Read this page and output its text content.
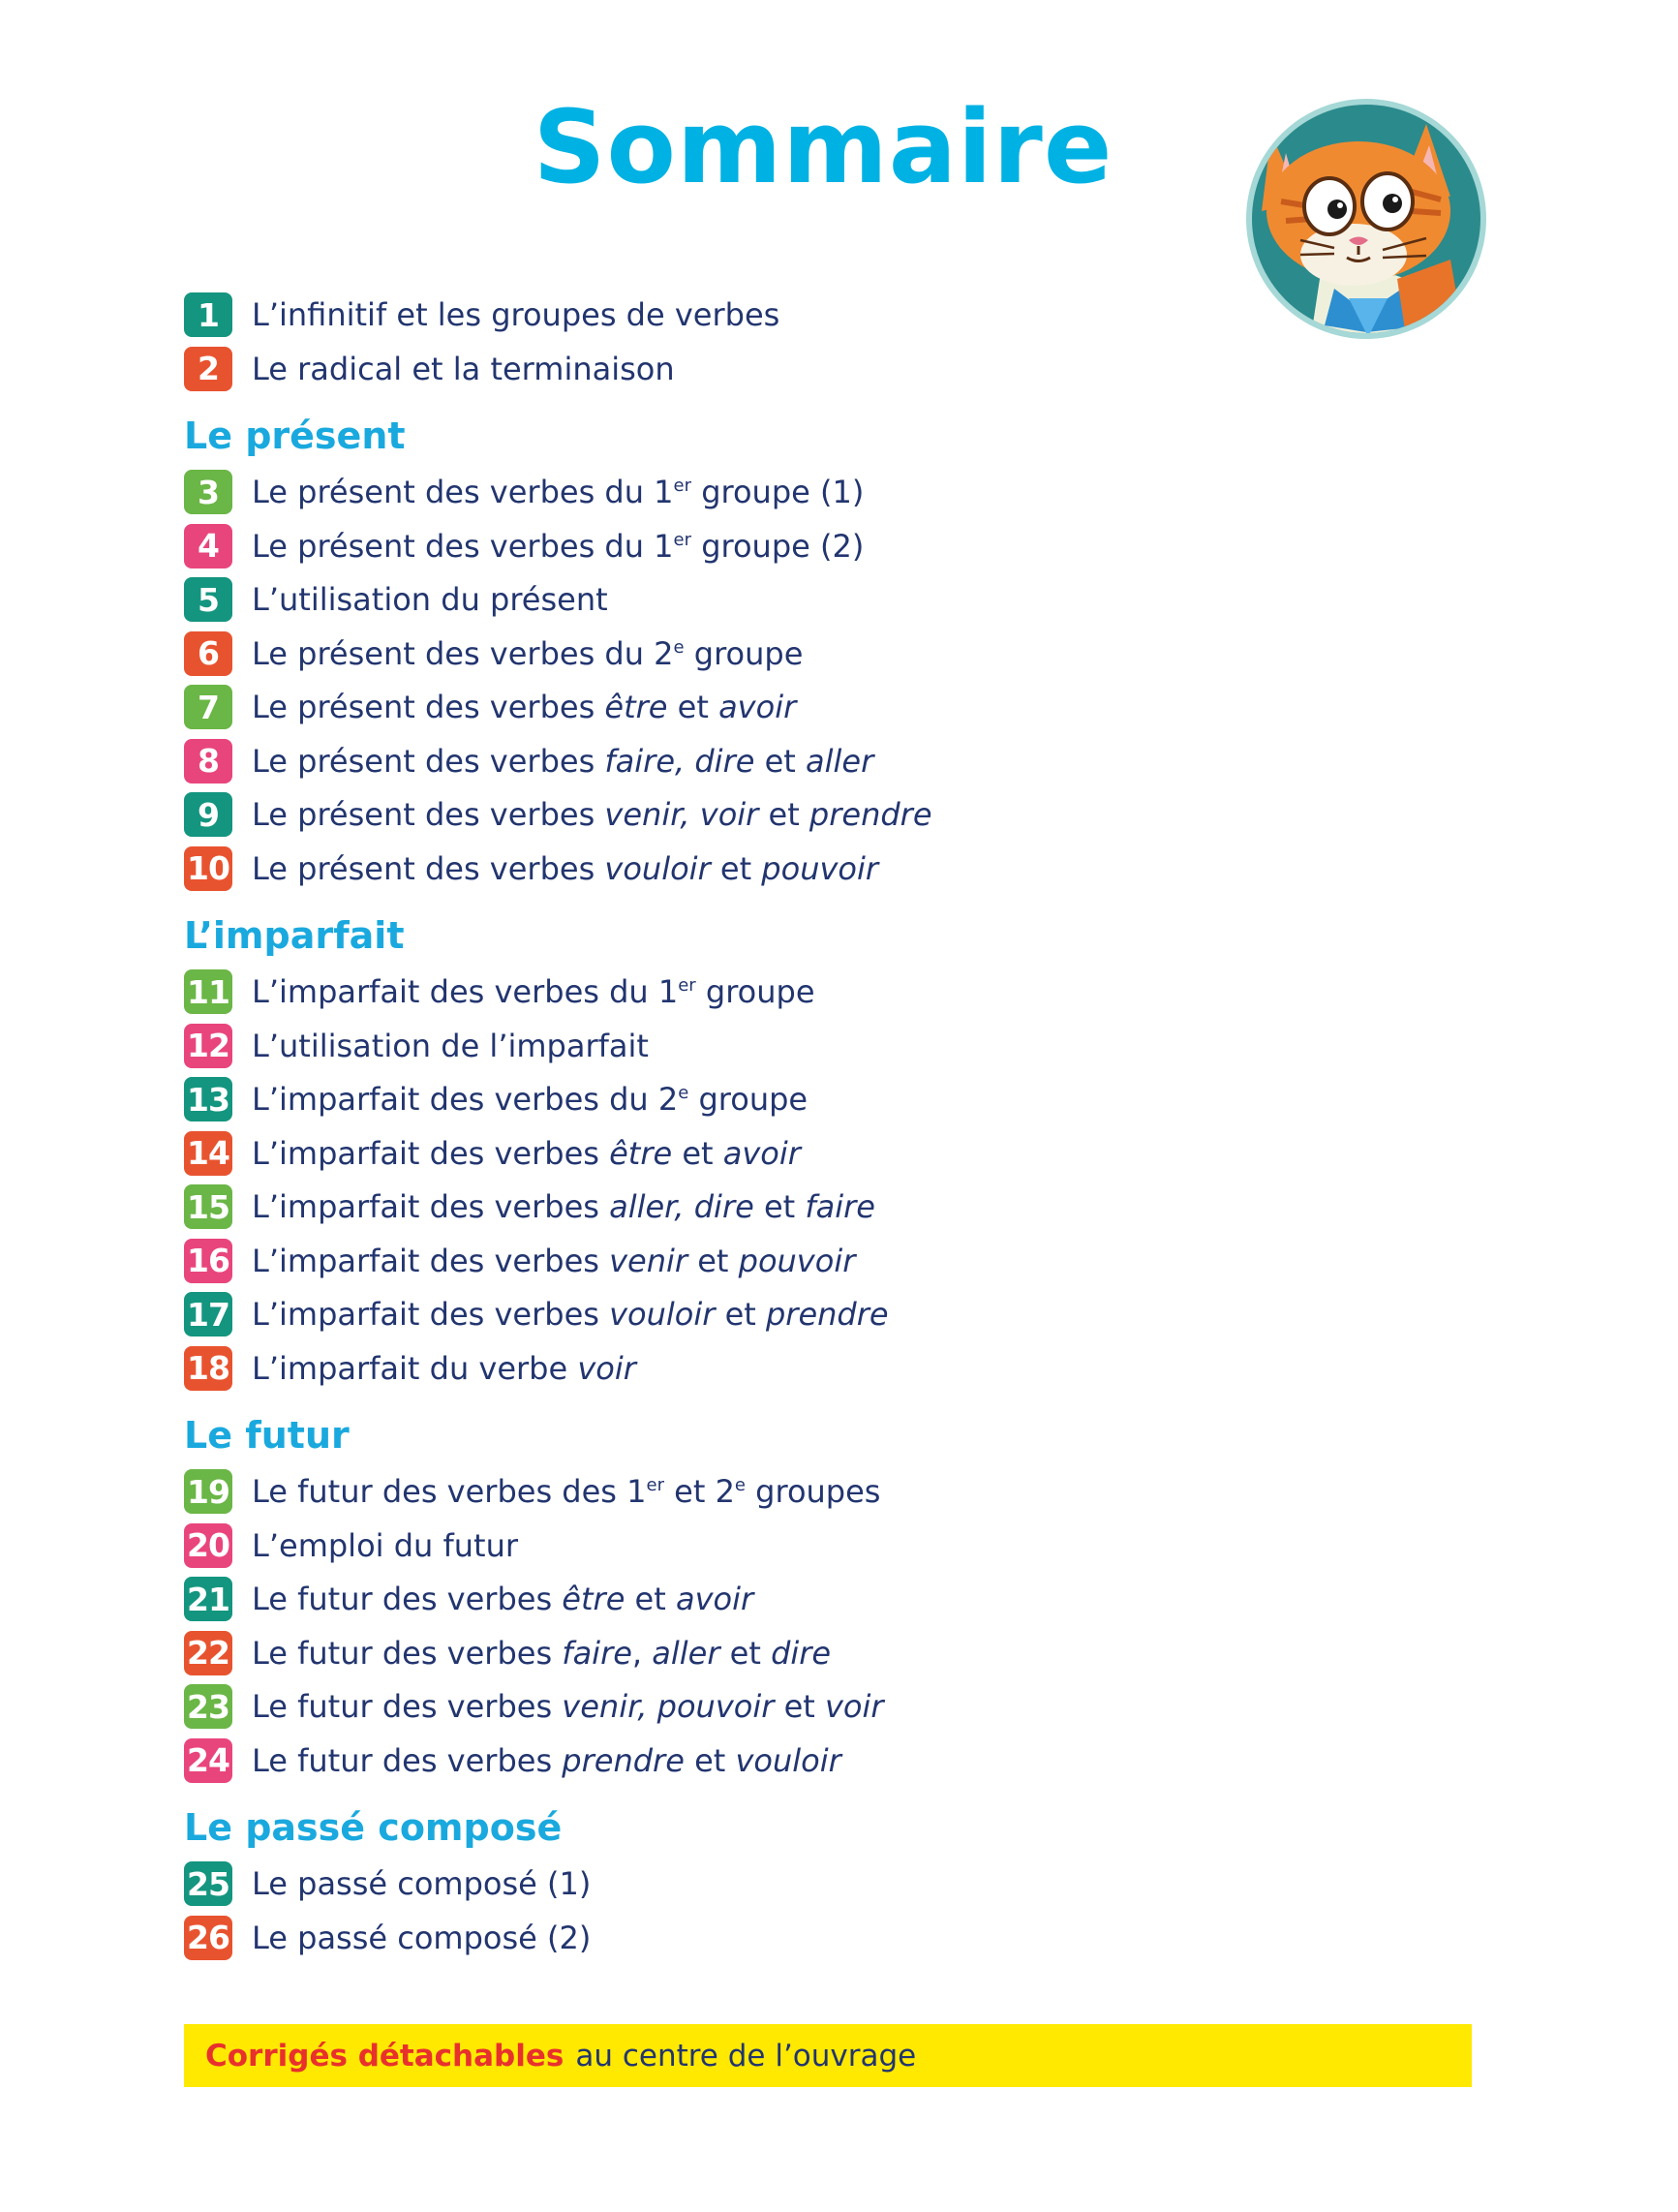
Sommaire
1	L’infinitif et les groupes de verbes
2	Le radical et la terminaison
Le présent
3	Le présent des verbes du 1er groupe (1)
4	Le présent des verbes du 1er groupe (2)
5	L’utilisation du présent
6	Le présent des verbes du 2e groupe
7	Le présent des verbes être et avoir
8	Le présent des verbes faire, dire et aller
9	Le présent des verbes venir, voir et prendre
10 Le présent des verbes vouloir et pouvoir
L’imparfait
11 L’imparfait des verbes du 1er groupe
12 L’utilisation de l’imparfait
13 L’imparfait des verbes du 2e groupe
14 L’imparfait des verbes être et avoir
15 L’imparfait des verbes aller, dire et faire
16 L’imparfait des verbes venir et pouvoir
17 L’imparfait des verbes vouloir et prendre
18 L’imparfait du verbe voir
Le futur
19 Le futur des verbes des 1er et 2e groupes
20 L’emploi du futur
21 Le futur des verbes être et avoir
22 Le futur des verbes faire, aller et dire
23 Le futur des verbes venir, pouvoir et voir
24 Le futur des verbes prendre et vouloir
Le passé composé
25 Le passé composé (1)
26 Le passé composé (2)
Corrigés détachables au centre de l’ouvrage
